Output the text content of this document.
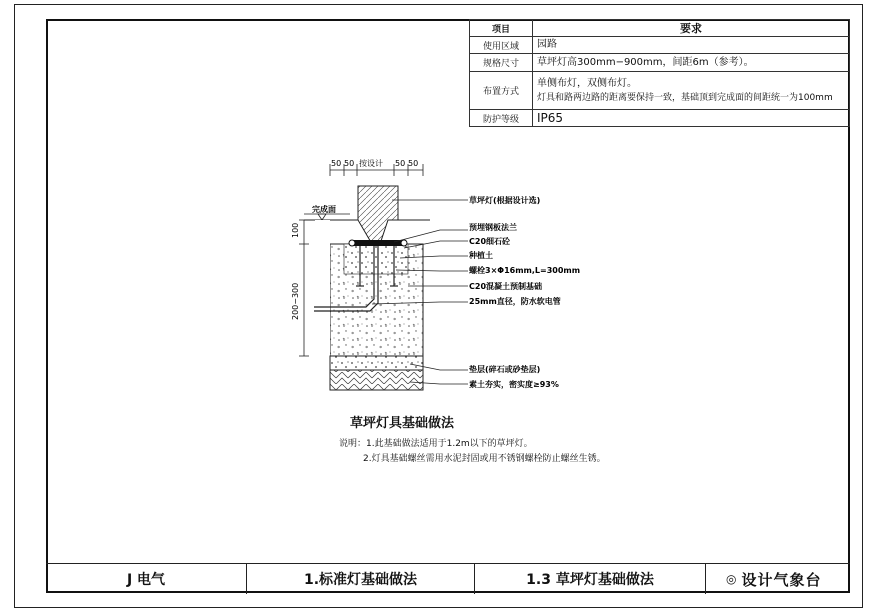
项目	要求
使用区域	园路
规格尺寸	草坪灯高300mm−900mm，间距6m（参考）。
布置方式	单侧布灯，双侧布灯。
灯具和路两边路的距离要保持一致，基础顶到完成面的间距统一为100mm

防护等级	IP65
50 50 按设计 50 50
100
200−300
完成面
草坪灯(根据设计选)
预埋钢板法兰
C20细石砼
种植土
螺栓3×Φ16mm,L=300mm
C20混凝土预制基础
25mm直径，防水软电管
垫层(碎石或砂垫层)
素土夯实，密实度≥93%
草坪灯具基础做法
说明：1.此基础做法适用于1.2m以下的草坪灯。
2.灯具基础螺丝需用水泥封固或用不锈钢螺栓防止螺丝生锈。
J 电气	1.标准灯基础做法	1.3 草坪灯基础做法	◎ 设计气象台
